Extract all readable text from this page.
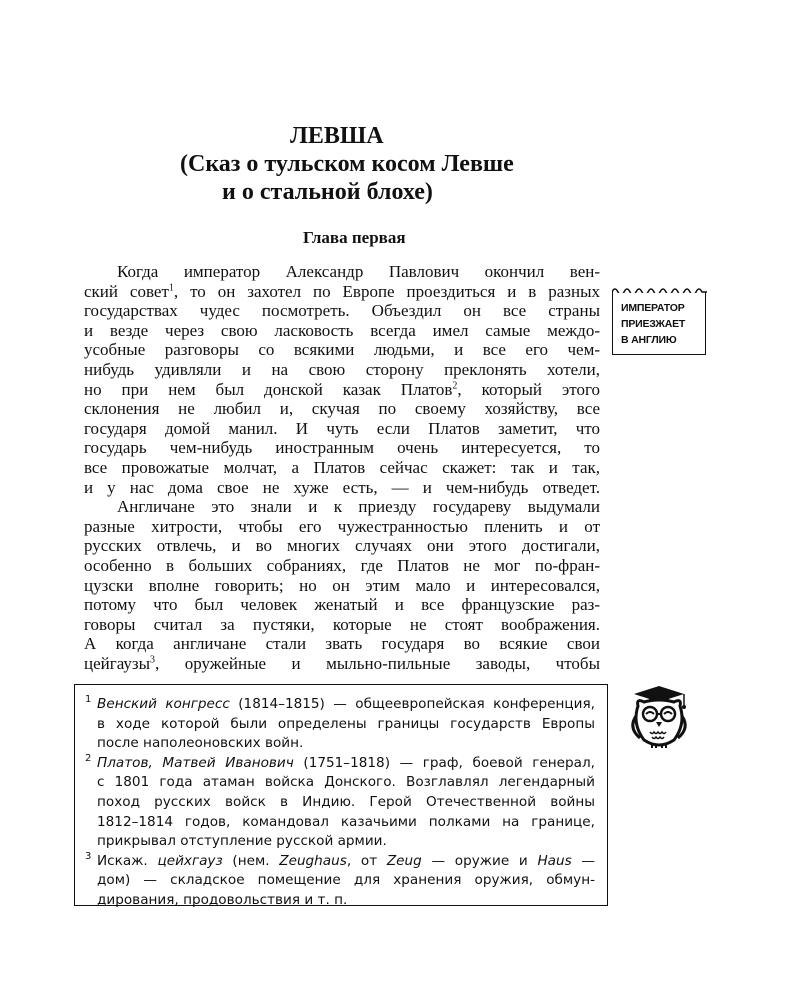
ЛЕВША
(Сказ о тульском косом Левше
и о стальной блохе)
Глава первая
Когда император Александр Павлович окончил вен-
ский совет$^1$, то он захотел по Европе проездиться и в разных
государствах чудес посмотреть. Объездил он все страны
и везде через свою ласковость всегда имел самые междо-
усобные разговоры со всякими людьми, и все его чем-
нибудь удивляли и на свою сторону преклонять хотели,
но при нем был донской казак Платов$^2$, который этого
склонения не любил и, скучая по своему хозяйству, все
государя домой манил. И чуть если Платов заметит, что
государь чем-нибудь иностранным очень интересуется, то
все провожатые молчат, а Платов сейчас скажет: так и так,
и у нас дома свое не хуже есть, — и чем-нибудь отведет.
Англичане это знали и к приезду государеву выдумали
разные хитрости, чтобы его чужестранностью пленить и от
русских отвлечь, и во многих случаях они этого достигали,
особенно в больших собраниях, где Платов не мог по-фран-
цузски вполне говорить; но он этим мало и интересовался,
потому что был человек женатый и все французские раз-
говоры считал за пустяки, которые не стоят воображения.
А когда англичане стали звать государя во всякие свои
цейгаузы$^3$, оружейные и мыльно-пильные заводы, чтобы
ИМПЕРАТОР
ПРИЕЗЖАЕТ
В АНГЛИЮ
$^1$ Венский конгресс (1814–1815) — общеевропейская конференция,
в ходе которой были определены границы государств Европы
после наполеоновских войн.
$^2$ Платов, Матвей Иванович (1751–1818) — граф, боевой генерал,
с 1801 года атаман войска Донского. Возглавлял легендарный
поход русских войск в Индию. Герой Отечественной войны
1812–1814 годов, командовал казачьими полками на границе,
прикрывал отступление русской армии.
$^3$ Искаж. цейхгауз (нем. Zeughaus, от Zeug — оружие и Haus —
дом) — складское помещение для хранения оружия, обмун-
дирования, продовольствия и т. п.
